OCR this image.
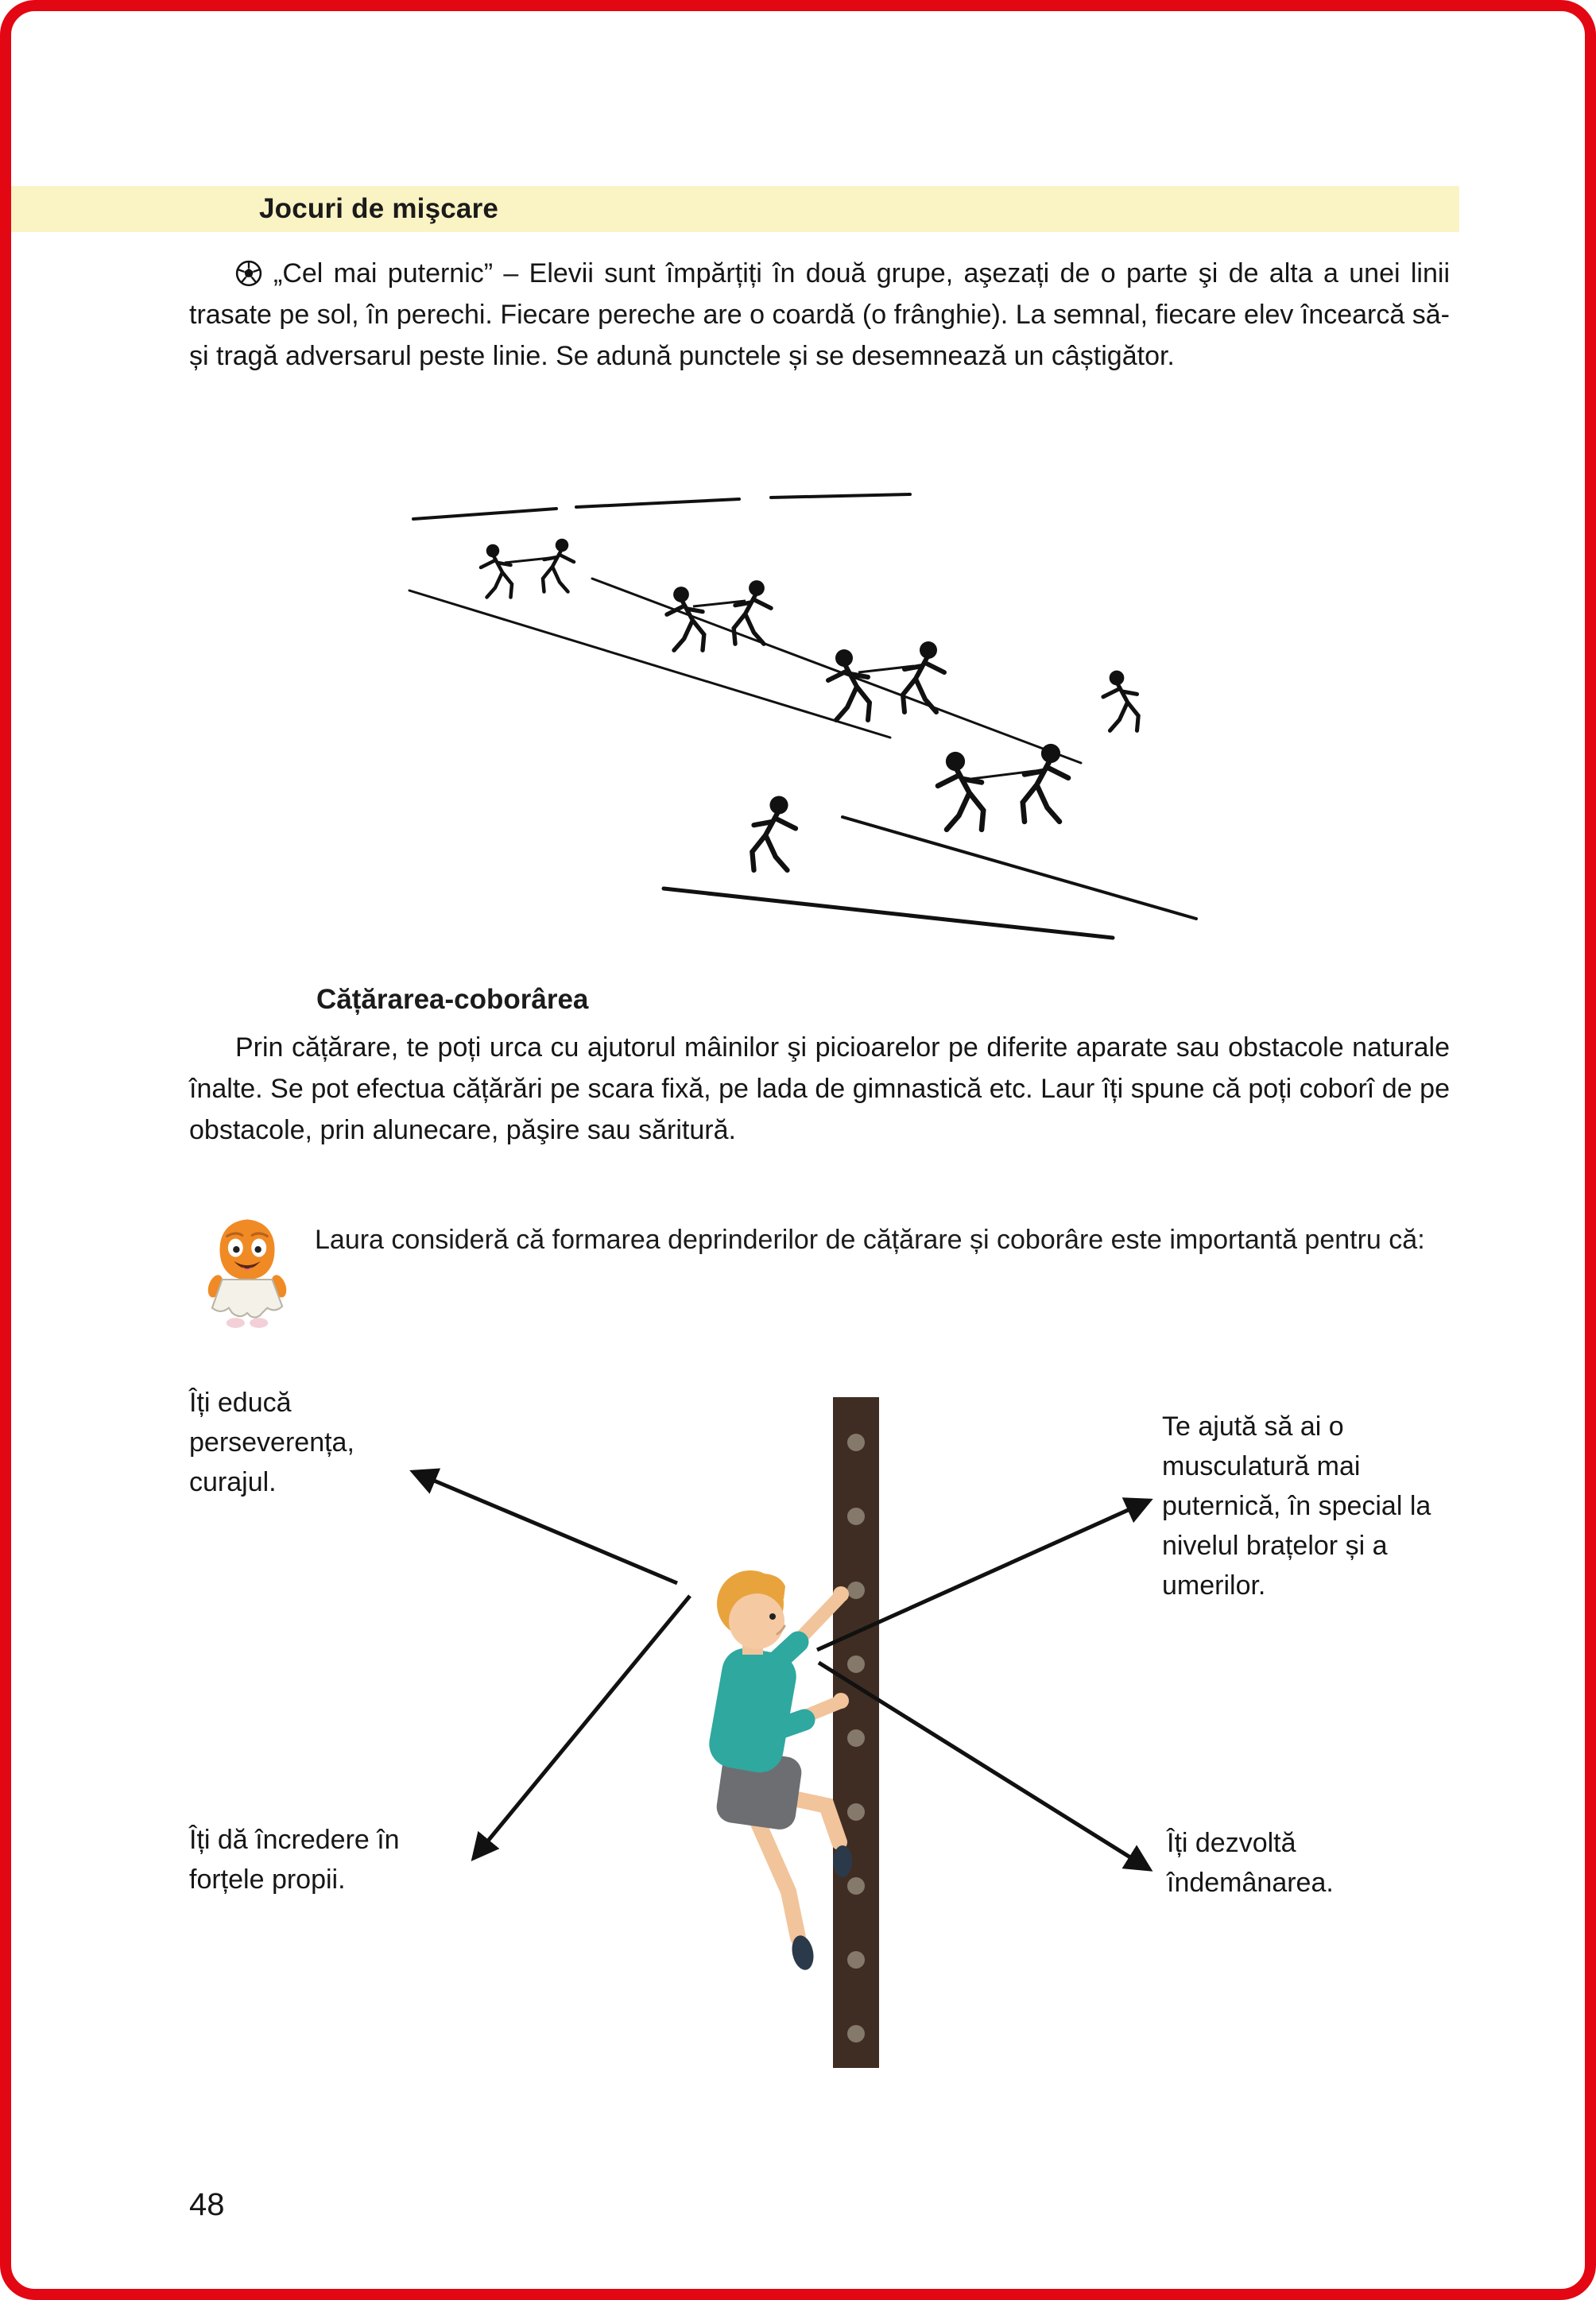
Jocuri de mişcare

„Cel mai puternic” – Elevii sunt împărțiți în două grupe, aşezați de o parte şi de alta a unei linii trasate pe sol, în perechi. Fiecare pereche are o coardă (o frânghie). La semnal, fiecare elev încearcă să-și tragă adversarul peste linie. Se adună punctele și se desemnează un câștigător.

Cățărarea-coborârea

Prin cățărare, te poți urca cu ajutorul mâinilor şi picioarelor pe diferite aparate sau obstacole naturale înalte. Se pot efectua cățărări pe scara fixă, pe lada de gimnastică etc. Laur îți spune că poți coborî de pe obstacole, prin alunecare, păşire sau săritură.

Laura consideră că formarea deprinderilor de cățărare și coborâre este importantă pentru că:

Îți educă perseverența, curajul.
Te ajută să ai o musculatură mai puternică, în special la nivelul brațelor și a umerilor.
Îți dă încredere în forțele propii.
Îți dezvoltă îndemânarea.
48
